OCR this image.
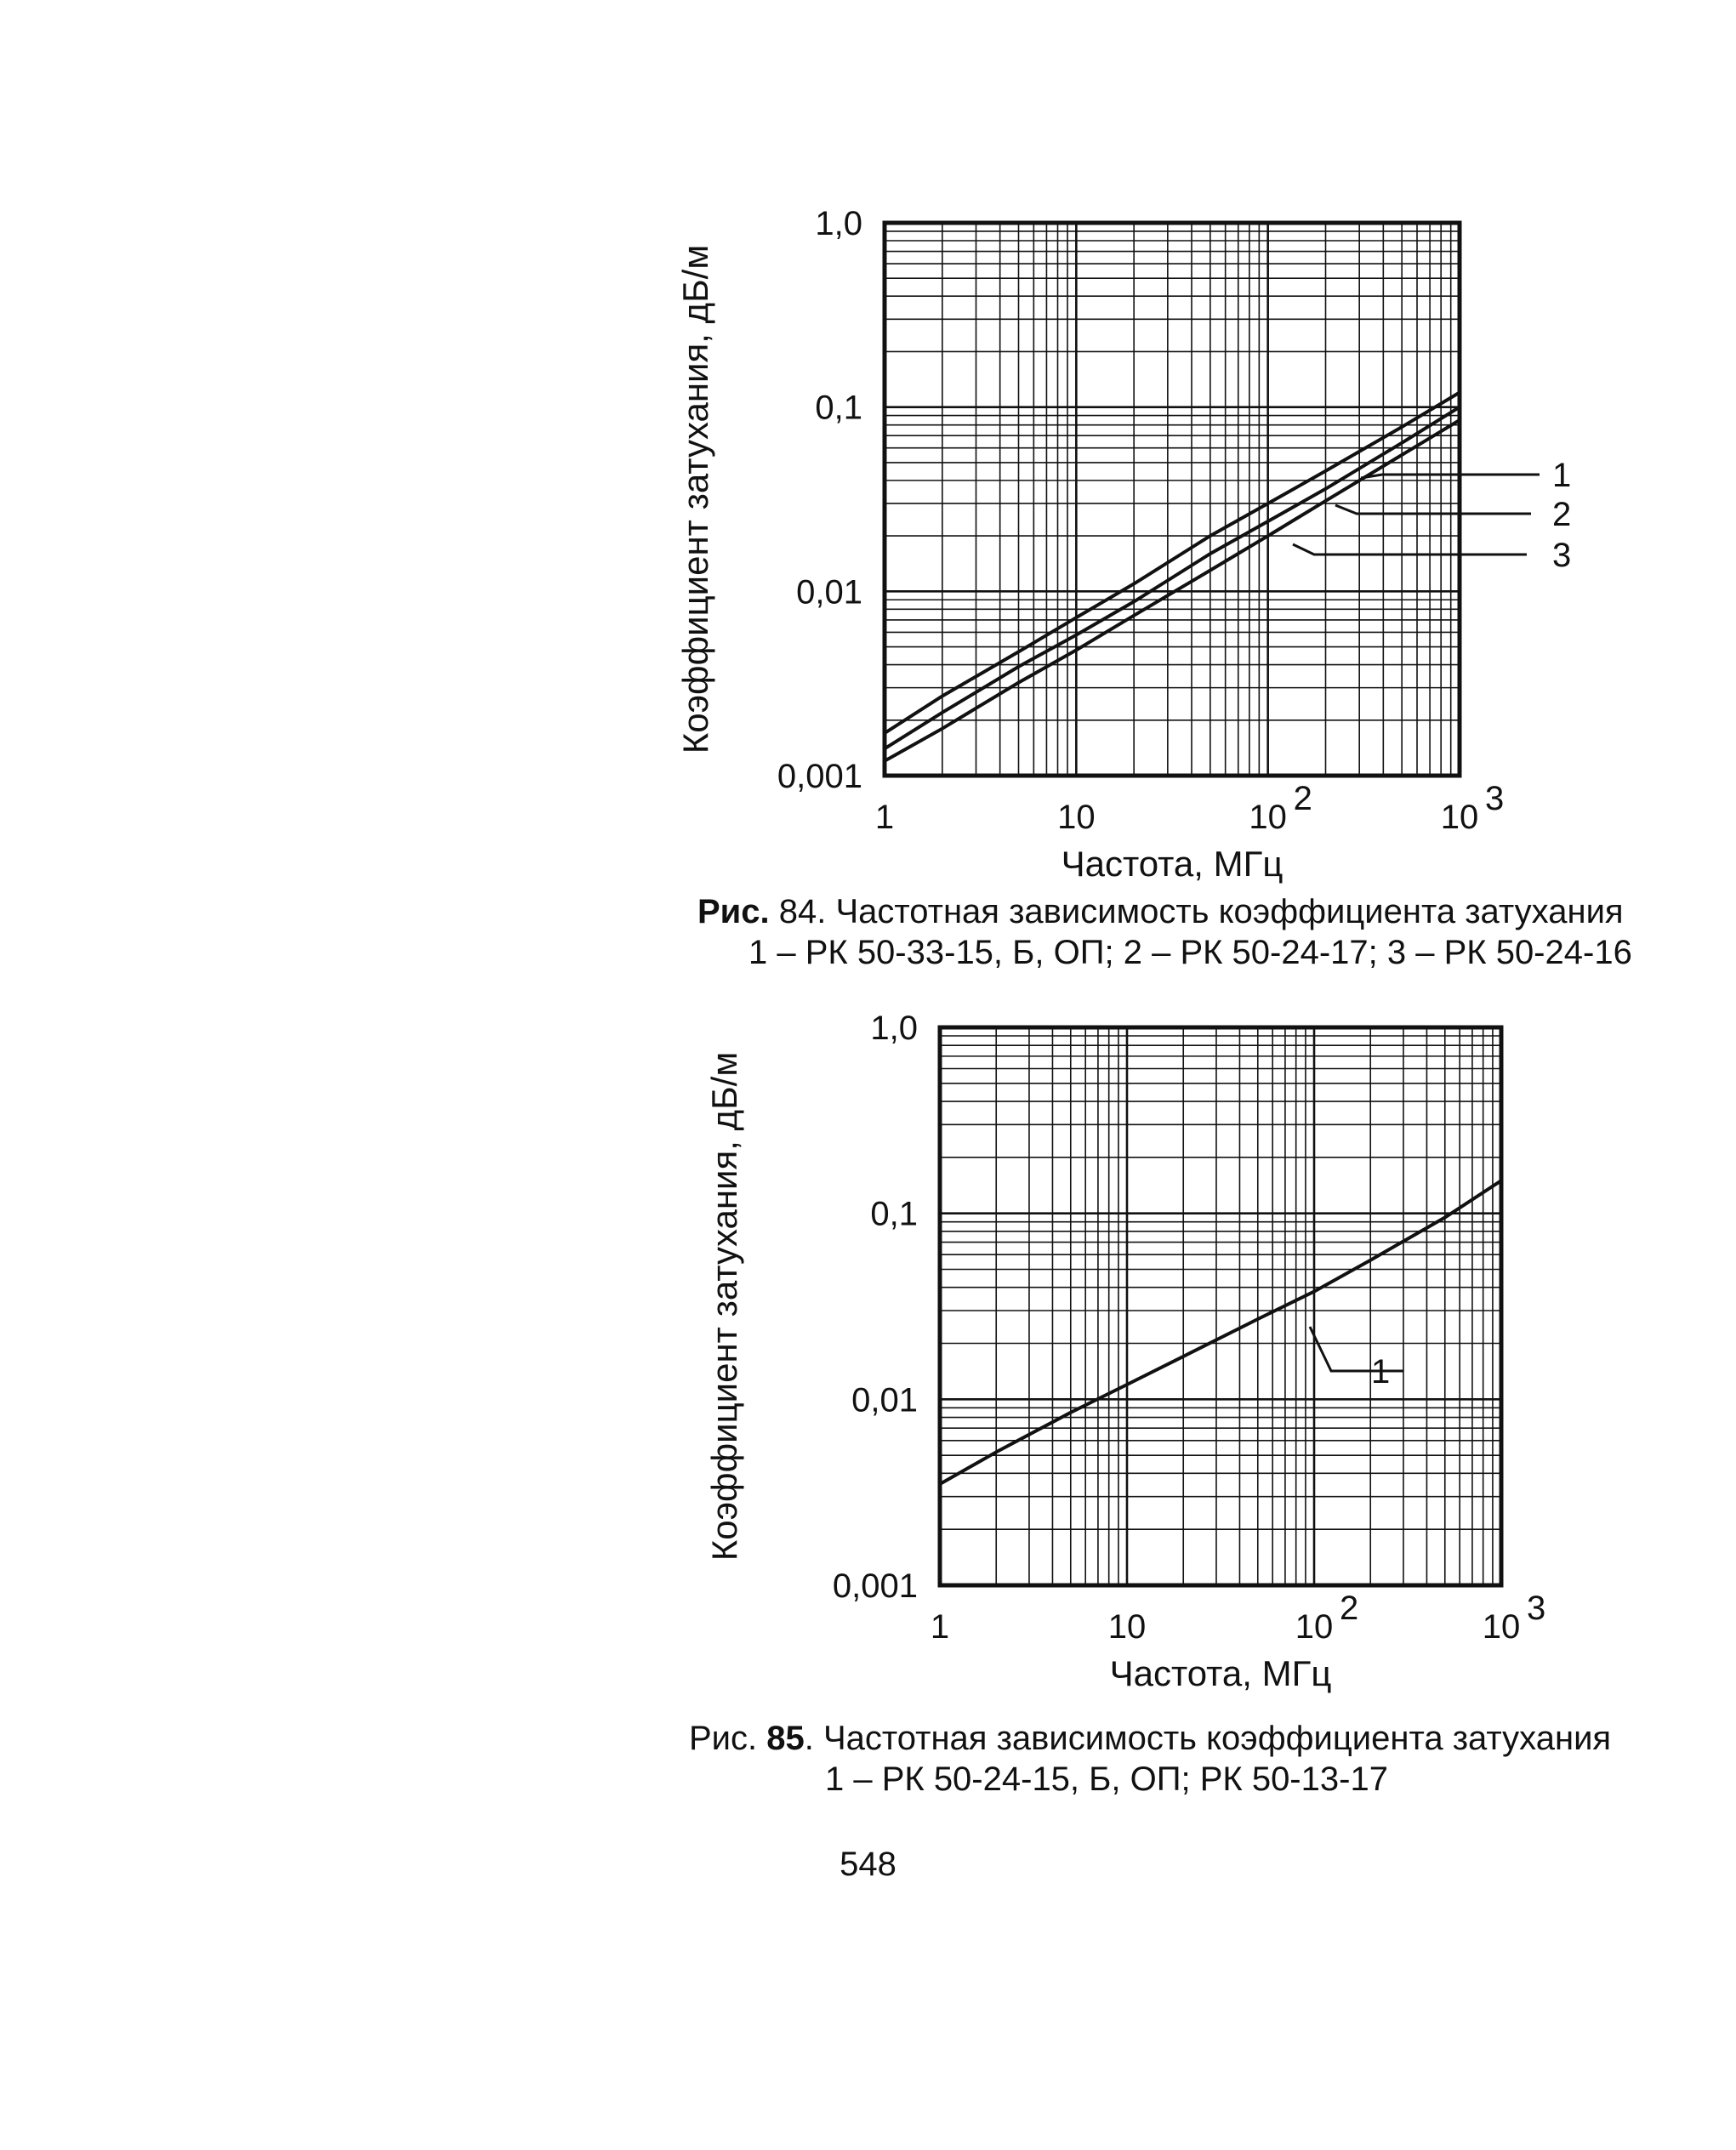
1,0
0,1
0,01
0,001
1	10	10 2	10 3
Частота, МГц
Коэффициент затухания, дБ/м	1
2
3
1,0
0,1
0,01
0,001
1	10	10 2	10 3
Частота, МГц
Коэффициент затухания, дБ/м	1
Рис. 84. Частотная зависимость коэффициента затухания
1 – РК 50-33-15, Б, ОП; 2 – РК 50-24-17; 3 – РК 50-24-16
Рис. 85. Частотная зависимость коэффициента затухания
1 – РК 50-24-15, Б, ОП; РК 50-13-17
548
